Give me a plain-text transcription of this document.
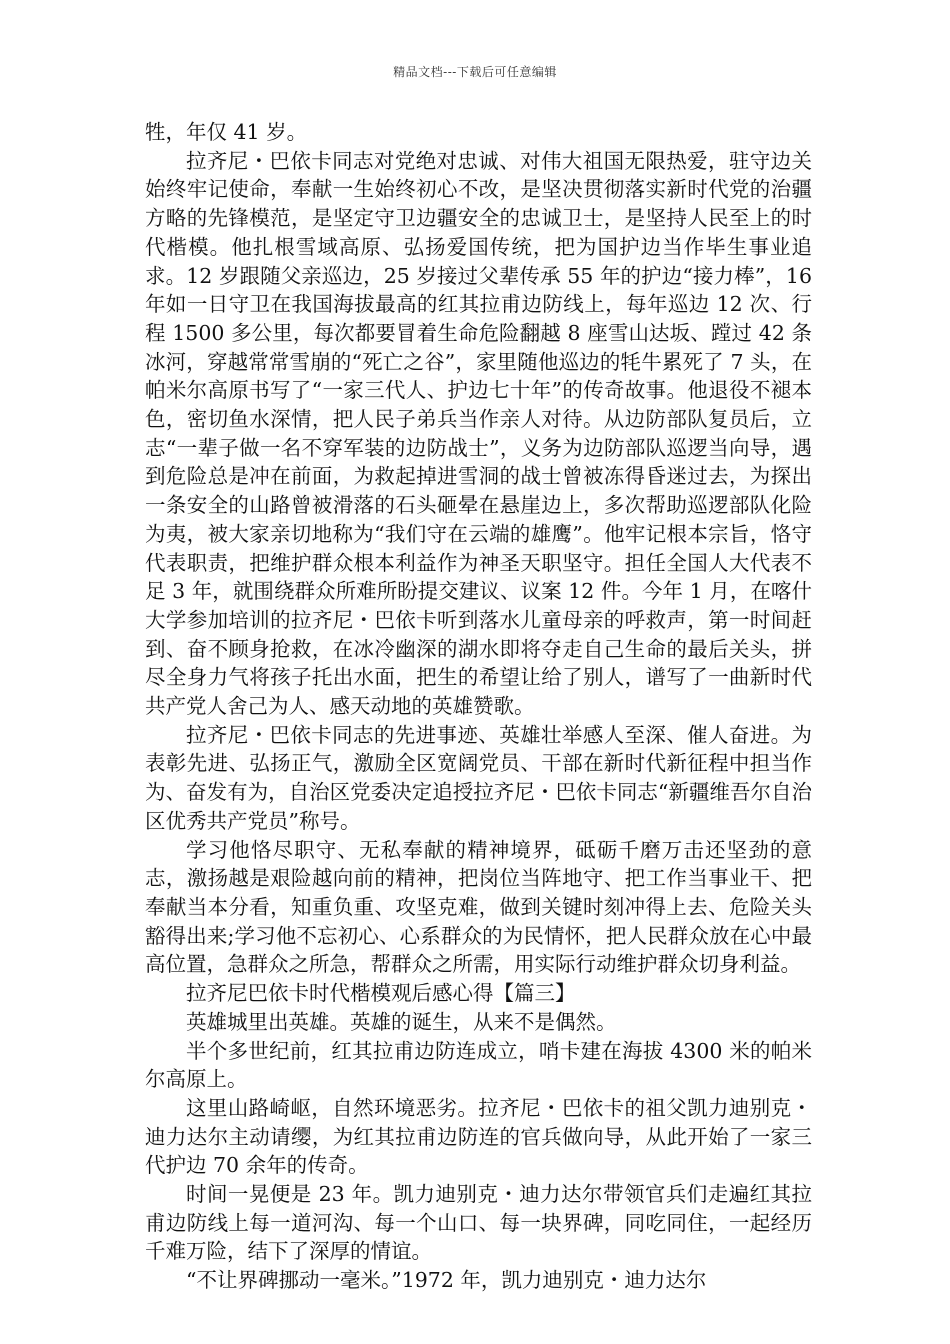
精品文档---下载后可任意编辑

牲，年仅 41 岁。

拉齐尼・巴依卡同志对党绝对忠诚、对伟大祖国无限热爱，驻守边关始终牢记使命，奉献一生始终初心不改，是坚决贯彻落实新时代党的治疆方略的先锋模范，是坚定守卫边疆安全的忠诚卫士，是坚持人民至上的时代楷模。他扎根雪域高原、弘扬爱国传统，把为国护边当作毕生事业追求。12 岁跟随父亲巡边，25 岁接过父辈传承 55 年的护边“接力棒”，16 年如一日守卫在我国海拔最高的红其拉甫边防线上，每年巡边 12 次、行程 1500 多公里，每次都要冒着生命危险翻越 8 座雪山达坂、蹚过 42 条冰河，穿越常常雪崩的“死亡之谷”，家里随他巡边的牦牛累死了 7 头，在帕米尔高原书写了“一家三代人、护边七十年”的传奇故事。他退役不褪本色，密切鱼水深情，把人民子弟兵当作亲人对待。从边防部队复员后，立志“一辈子做一名不穿军装的边防战士”，义务为边防部队巡逻当向导，遇到危险总是冲在前面，为救起掉进雪洞的战士曾被冻得昏迷过去，为探出一条安全的山路曾被滑落的石头砸晕在悬崖边上，多次帮助巡逻部队化险为夷，被大家亲切地称为“我们守在云端的雄鹰”。他牢记根本宗旨，恪守代表职责，把维护群众根本利益作为神圣天职坚守。担任全国人大代表不足 3 年，就围绕群众所难所盼提交建议、议案 12 件。今年 1 月，在喀什大学参加培训的拉齐尼・巴依卡听到落水儿童母亲的呼救声，第一时间赶到、奋不顾身抢救，在冰冷幽深的湖水即将夺走自己生命的最后关头，拼尽全身力气将孩子托出水面，把生的希望让给了别人，谱写了一曲新时代共产党人舍己为人、感天动地的英雄赞歌。

拉齐尼・巴依卡同志的先进事迹、英雄壮举感人至深、催人奋进。为表彰先进、弘扬正气，激励全区宽阔党员、干部在新时代新征程中担当作为、奋发有为，自治区党委决定追授拉齐尼・巴依卡同志“新疆维吾尔自治区优秀共产党员”称号。

学习他恪尽职守、无私奉献的精神境界，砥砺千磨万击还坚劲的意志，激扬越是艰险越向前的精神，把岗位当阵地守、把工作当事业干、把奉献当本分看，知重负重、攻坚克难，做到关键时刻冲得上去、危险关头豁得出来;学习他不忘初心、心系群众的为民情怀，把人民群众放在心中最高位置，急群众之所急，帮群众之所需，用实际行动维护群众切身利益。

拉齐尼巴依卡时代楷模观后感心得【篇三】

英雄城里出英雄。英雄的诞生，从来不是偶然。

半个多世纪前，红其拉甫边防连成立，哨卡建在海拔 4300 米的帕米尔高原上。

这里山路崎岖，自然环境恶劣。拉齐尼・巴依卡的祖父凯力迪别克・迪力达尔主动请缨，为红其拉甫边防连的官兵做向导，从此开始了一家三代护边 70 余年的传奇。

时间一晃便是 23 年。凯力迪别克・迪力达尔带领官兵们走遍红其拉甫边防线上每一道河沟、每一个山口、每一块界碑，同吃同住，一起经历千难万险，结下了深厚的情谊。

“不让界碑挪动一毫米。”1972 年，凯力迪别克・迪力达尔
